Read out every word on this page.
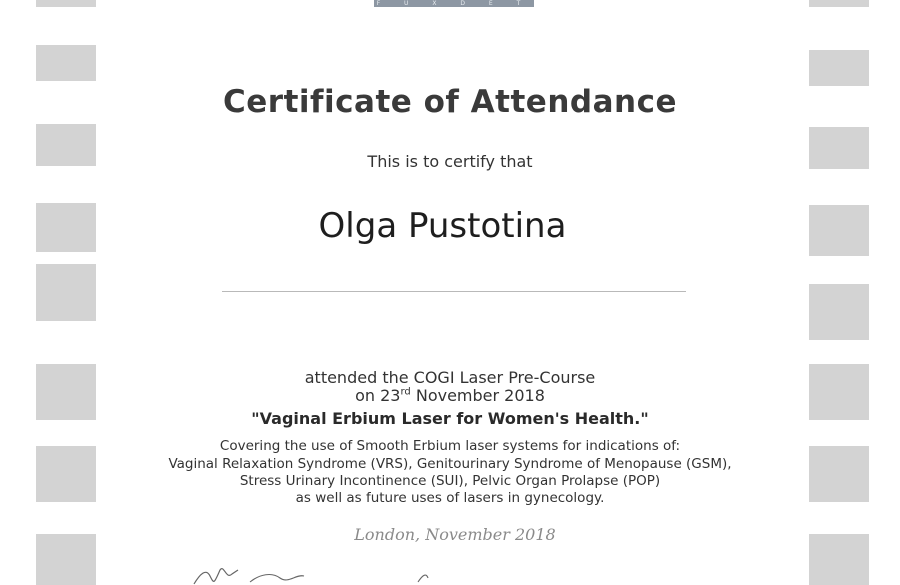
F U X D E T
Certificate of Attendance
This is to certify that
Olga Pustotina
attended the COGI Laser Pre-Course
on 23rd November 2018
"Vaginal Erbium Laser for Women's Health."
Covering the use of Smooth Erbium laser systems for indications of:
Vaginal Relaxation Syndrome (VRS), Genitourinary Syndrome of Menopause (GSM),
Stress Urinary Incontinence (SUI), Pelvic Organ Prolapse (POP)
as well as future uses of lasers in gynecology.
London, November 2018
